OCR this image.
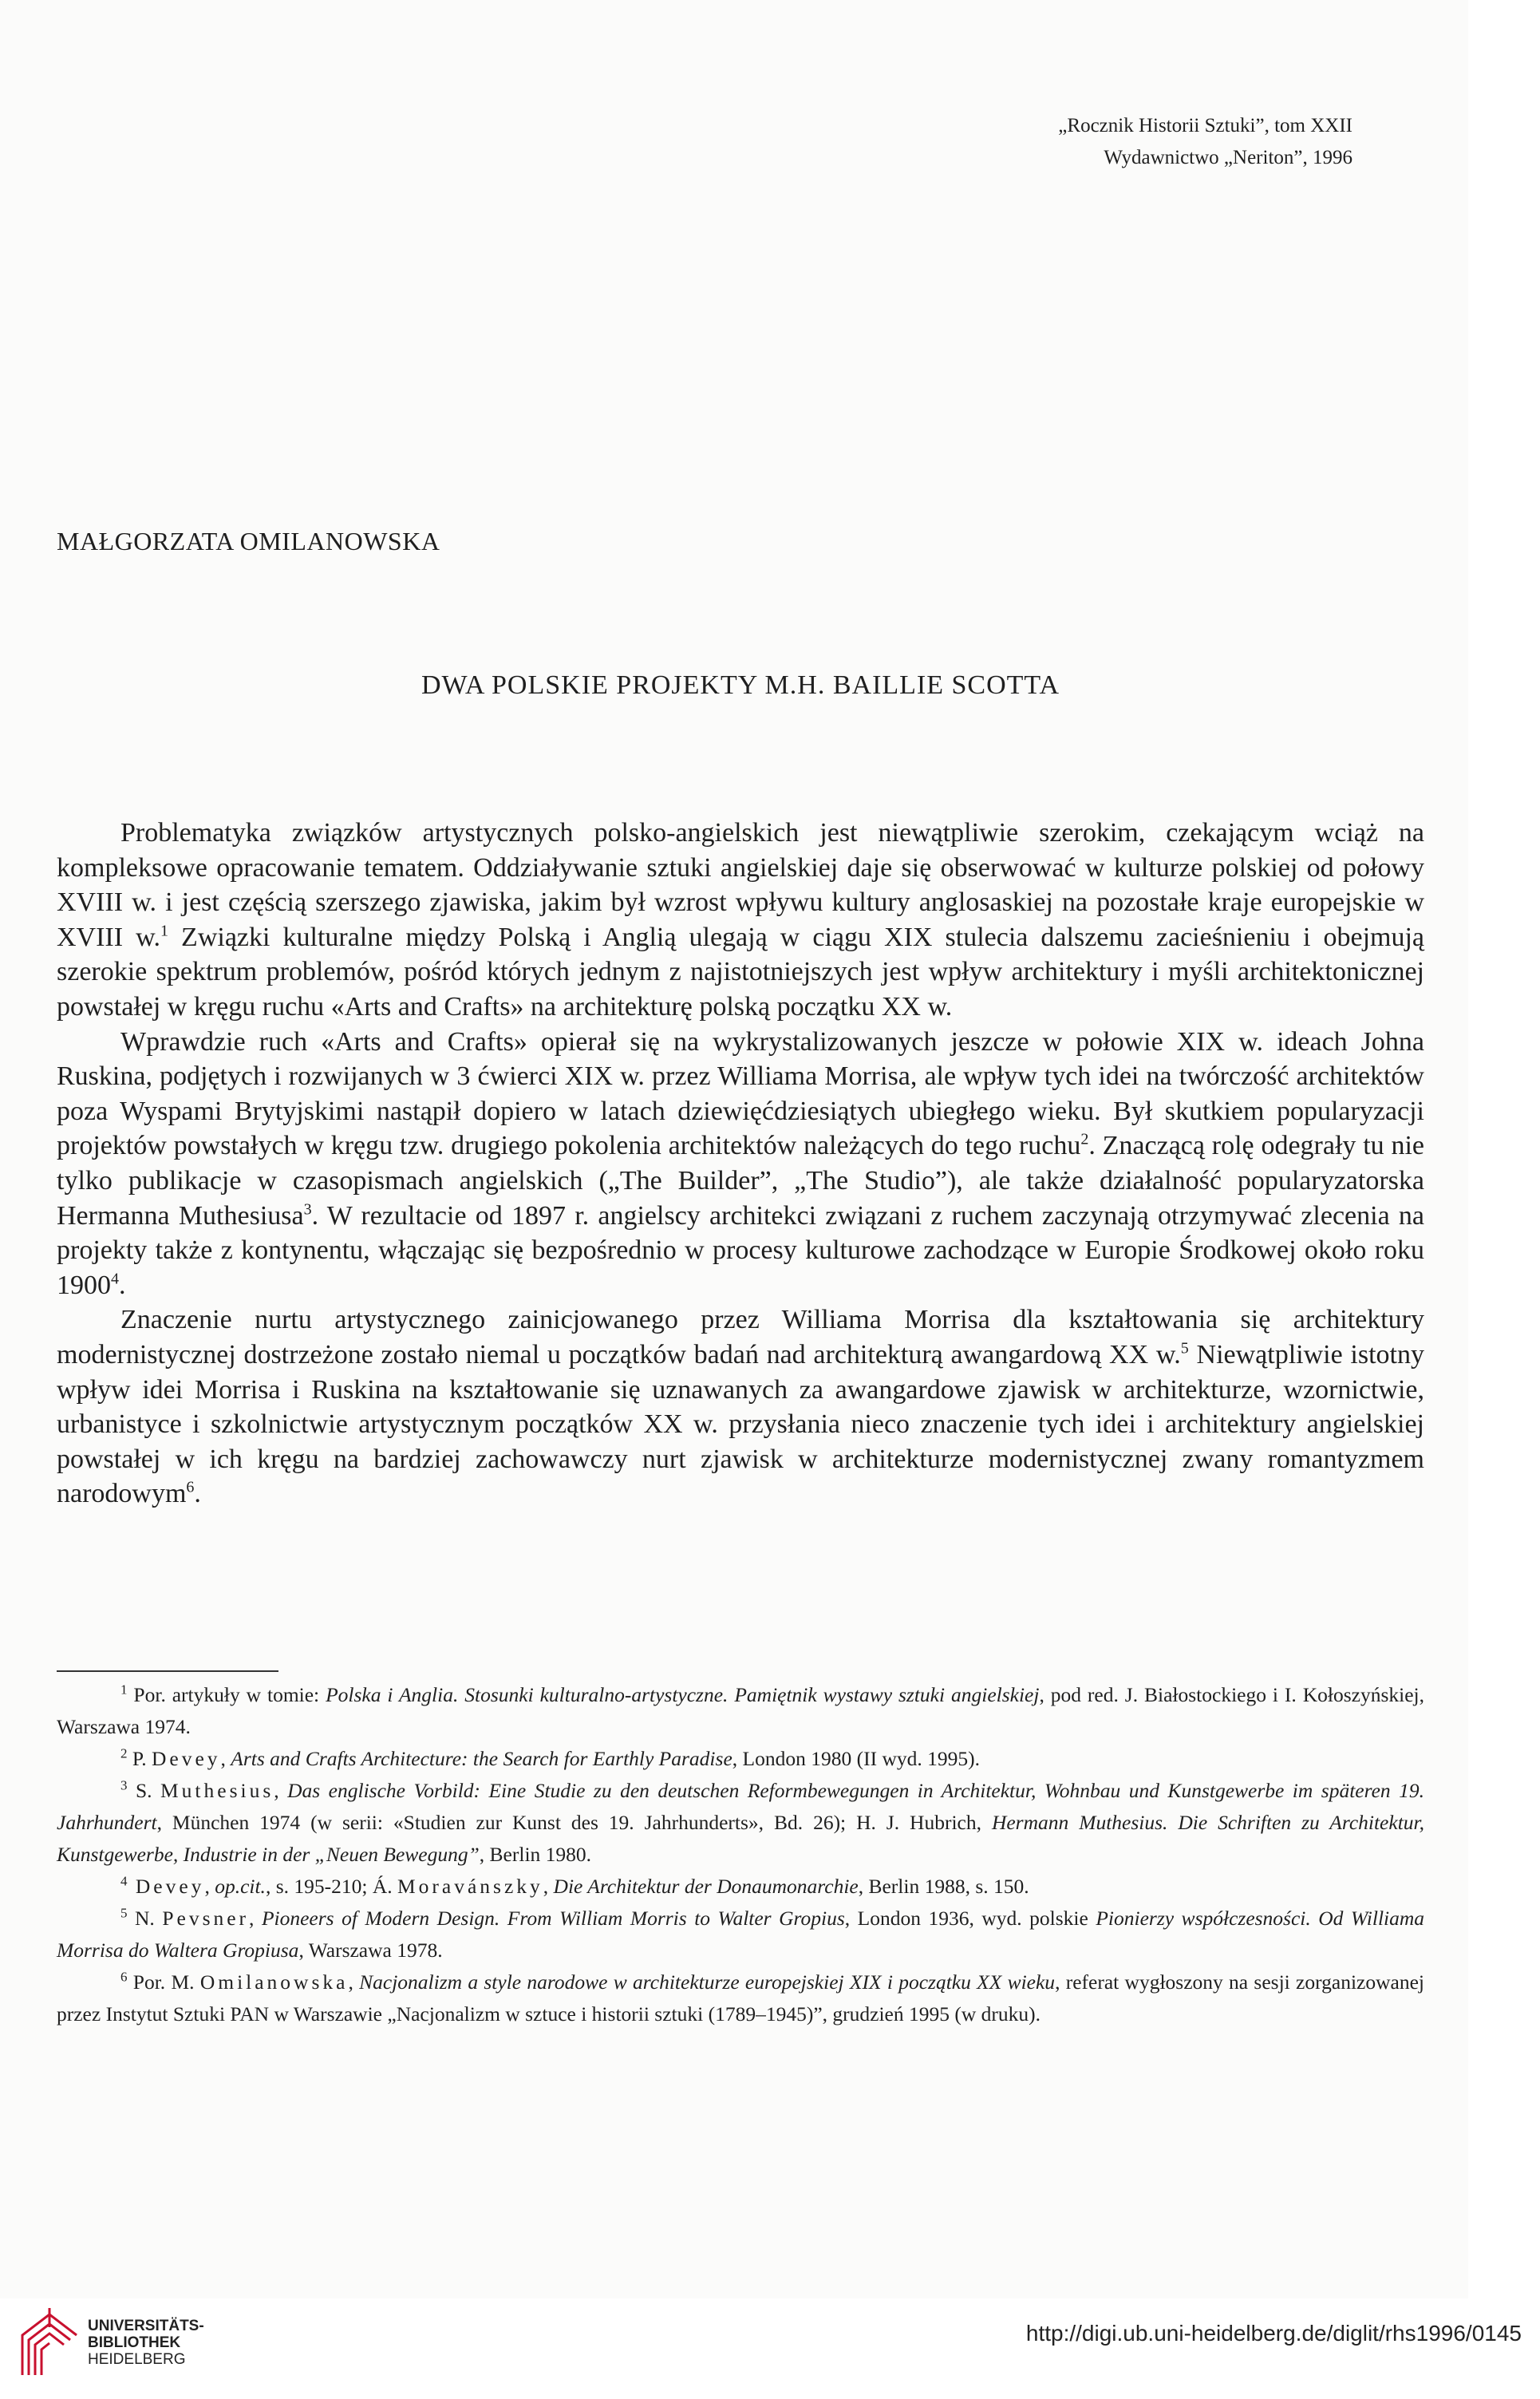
„Rocznik Historii Sztuki”, tom XXII
Wydawnictwo „Neriton”, 1996
MAŁGORZATA OMILANOWSKA
DWA POLSKIE PROJEKTY M.H. BAILLIE SCOTTA

Problematyka związków artystycznych polsko-angielskich jest niewątpliwie szerokim, czekającym wciąż na kompleksowe opracowanie tematem. Oddziaływanie sztuki angielskiej daje się obserwować w kulturze polskiej od połowy XVIII w. i jest częścią szerszego zjawiska, jakim był wzrost wpływu kultury anglosaskiej na pozostałe kraje europejskie w XVIII w.$^1$ Związki kulturalne między Polską i Anglią ulegają w ciągu XIX stulecia dalszemu zacieśnieniu i obejmują szerokie spektrum problemów, pośród których jednym z najistotniejszych jest wpływ architektury i myśli architektonicznej powstałej w kręgu ruchu «Arts and Crafts» na architekturę polską początku XX w.

Wprawdzie ruch «Arts and Crafts» opierał się na wykrystalizowanych jeszcze w połowie XIX w. ideach Johna Ruskina, podjętych i rozwijanych w 3 ćwierci XIX w. przez Williama Morrisa, ale wpływ tych idei na twórczość architektów poza Wyspami Brytyjskimi nastąpił dopiero w latach dziewięćdziesiątych ubiegłego wieku. Był skutkiem popularyzacji projektów powstałych w kręgu tzw. drugiego pokolenia architektów należących do tego ruchu$^2$. Znaczącą rolę odegrały tu nie tylko publikacje w czasopismach angielskich („The Builder”, „The Studio”), ale także działalność popularyzatorska Hermanna Muthesiusa$^3$. W rezultacie od 1897 r. angielscy architekci związani z ruchem zaczynają otrzymywać zlecenia na projekty także z kontynentu, włączając się bezpośrednio w procesy kulturowe zachodzące w Europie Środkowej około roku 1900$^4$.

Znaczenie nurtu artystycznego zainicjowanego przez Williama Morrisa dla kształtowania się architektury modernistycznej dostrzeżone zostało niemal u początków badań nad architekturą awangardową XX w.$^5$ Niewątpliwie istotny wpływ idei Morrisa i Ruskina na kształtowanie się uznawanych za awangardowe zjawisk w architekturze, wzornictwie, urbanistyce i szkolnictwie artystycznym początków XX w. przysłania nieco znaczenie tych idei i architektury angielskiej powstałej w ich kręgu na bardziej zachowawczy nurt zjawisk w architekturze modernistycznej zwany romantyzmem narodowym$^6$.

$^1$ Por. artykuły w tomie: Polska i Anglia. Stosunki kulturalno-artystyczne. Pamiętnik wystawy sztuki angielskiej, pod red. J. Białostockiego i I. Kołoszyńskiej, Warszawa 1974.

$^2$ P. Devey, Arts and Crafts Architecture: the Search for Earthly Paradise, London 1980 (II wyd. 1995).

$^3$ S. Muthesius, Das englische Vorbild: Eine Studie zu den deutschen Reformbewegungen in Architektur, Wohnbau und Kunstgewerbe im späteren 19. Jahrhundert, München 1974 (w serii: «Studien zur Kunst des 19. Jahrhunderts», Bd. 26); H. J. Hubrich, Hermann Muthesius. Die Schriften zu Architektur, Kunstgewerbe, Industrie in der „Neuen Bewegung”, Berlin 1980.

$^4$ Devey, op.cit., s. 195-210; Á. Moravánszky, Die Architektur der Donaumonarchie, Berlin 1988, s. 150.

$^5$ N. Pevsner, Pioneers of Modern Design. From William Morris to Walter Gropius, London 1936, wyd. polskie Pionierzy współczesności. Od Williama Morrisa do Waltera Gropiusa, Warszawa 1978.

$^6$ Por. M. Omilanowska, Nacjonalizm a style narodowe w architekturze europejskiej XIX i początku XX wieku, referat wygłoszony na sesji zorganizowanej przez Instytut Sztuki PAN w Warszawie „Nacjonalizm w sztuce i historii sztuki (1789–1945)”, grudzień 1995 (w druku).

UNIVERSITÄTS-
BIBLIOTHEK
HEIDELBERG
http://digi.ub.uni-heidelberg.de/diglit/rhs1996/0145
